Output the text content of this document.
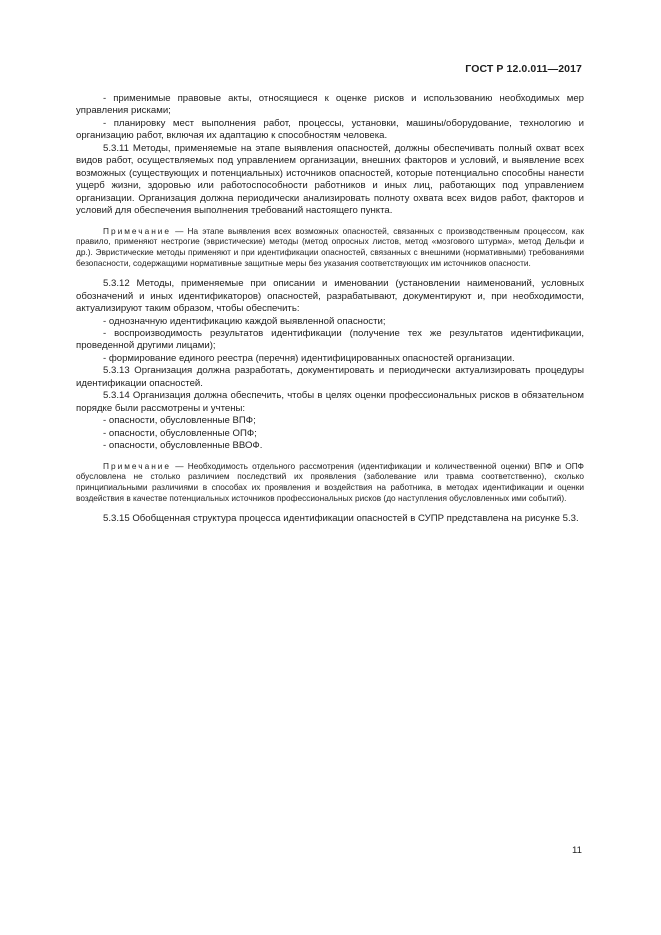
ГОСТ Р 12.0.011—2017

- применимые правовые акты, относящиеся к оценке рисков и использованию необходимых мер управления рисками;

- планировку мест выполнения работ, процессы, установки, машины/оборудование, технологию и организацию работ, включая их адаптацию к способностям человека.

5.3.11 Методы, применяемые на этапе выявления опасностей, должны обеспечивать полный охват всех видов работ, осуществляемых под управлением организации, внешних факторов и условий, и выявление всех возможных (существующих и потенциальных) источников опасностей, которые потенциально способны нанести ущерб жизни, здоровью или работоспособности работников и иных лиц, работающих под управлением организации. Организация должна периодически анализировать полноту охвата всех видов работ, факторов и условий для обеспечения выполнения требований настоящего пункта.

Примечание — На этапе выявления всех возможных опасностей, связанных с производственным процессом, как правило, применяют нестрогие (эвристические) методы (метод опросных листов, метод «мозгового штурма», метод Дельфи и др.). Эвристические методы применяют и при идентификации опасностей, связанных с внешними (нормативными) требованиями безопасности, содержащими нормативные защитные меры без указания соответствующих им источников опасности.

5.3.12 Методы, применяемые при описании и именовании (установлении наименований, условных обозначений и иных идентификаторов) опасностей, разрабатывают, документируют и, при необходимости, актуализируют таким образом, чтобы обеспечить:

- однозначную идентификацию каждой выявленной опасности;

- воспроизводимость результатов идентификации (получение тех же результатов идентификации, проведенной другими лицами);

- формирование единого реестра (перечня) идентифицированных опасностей организации.

5.3.13 Организация должна разработать, документировать и периодически актуализировать процедуры идентификации опасностей.

5.3.14 Организация должна обеспечить, чтобы в целях оценки профессиональных рисков в обязательном порядке были рассмотрены и учтены:

- опасности, обусловленные ВПФ;

- опасности, обусловленные ОПФ;

- опасности, обусловленные ВВОФ.

Примечание — Необходимость отдельного рассмотрения (идентификации и количественной оценки) ВПФ и ОПФ обусловлена не столько различием последствий их проявления (заболевание или травма соответственно), сколько принципиальными различиями в способах их проявления и воздействия на работника, в методах идентификации и оценки воздействия в качестве потенциальных источников профессиональных рисков (до наступления обусловленных ими событий).

5.3.15 Обобщенная структура процесса идентификации опасностей в СУПР представлена на рисунке 5.3.

11
